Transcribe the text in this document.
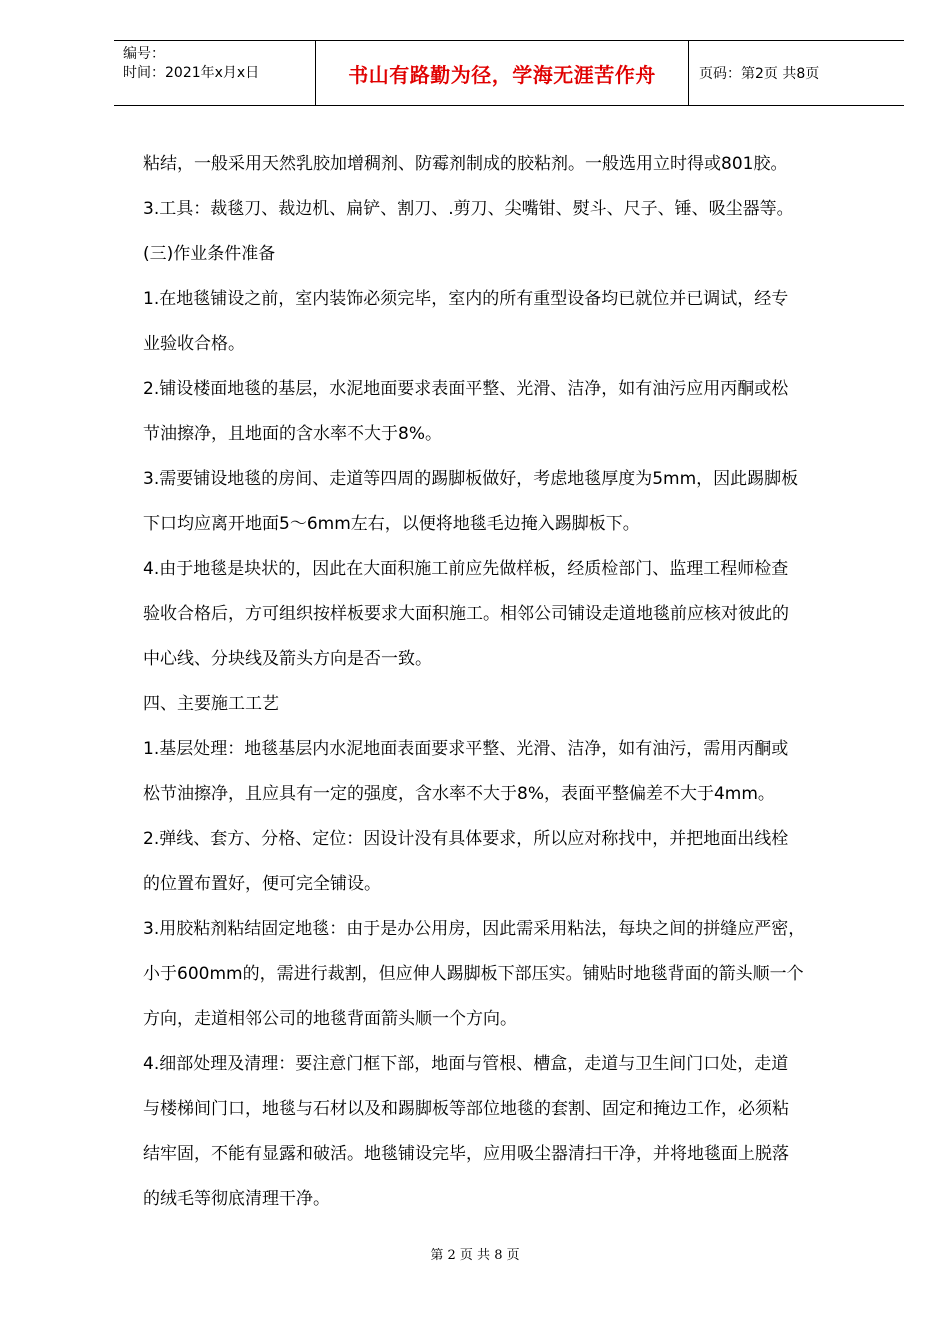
编号：
时间：2021年x月x日	书山有路勤为径，学海无涯苦作舟	页码：第2页 共8页
粘结，一般采用天然乳胶加增稠剂、防霉剂制成的胶粘剂。一般选用立时得或801胶。
3.工具：裁毯刀、裁边机、扁铲、割刀、.剪刀、尖嘴钳、熨斗、尺子、锤、吸尘器等。
(三)作业条件准备
1.在地毯铺设之前，室内装饰必须完毕，室内的所有重型设备均已就位并已调试，经专
业验收合格。
2.铺设楼面地毯的基层，水泥地面要求表面平整、光滑、洁净，如有油污应用丙酮或松
节油擦净，且地面的含水率不大于8%。
3.需要铺设地毯的房间、走道等四周的踢脚板做好，考虑地毯厚度为5mm，因此踢脚板
下口均应离开地面5～6mm左右，以便将地毯毛边掩入踢脚板下。
4.由于地毯是块状的，因此在大面积施工前应先做样板，经质检部门、监理工程师检查
验收合格后，方可组织按样板要求大面积施工。相邻公司铺设走道地毯前应核对彼此的
中心线、分块线及箭头方向是否一致。
四、主要施工工艺
1.基层处理：地毯基层内水泥地面表面要求平整、光滑、洁净，如有油污，需用丙酮或
松节油擦净，且应具有一定的强度，含水率不大于8%，表面平整偏差不大于4mm。
2.弹线、套方、分格、定位：因设计没有具体要求，所以应对称找中，并把地面出线栓
的位置布置好，便可完全铺设。
3.用胶粘剂粘结固定地毯：由于是办公用房，因此需采用粘法，每块之间的拼缝应严密，
小于600mm的，需进行裁割，但应伸人踢脚板下部压实。铺贴时地毯背面的箭头顺一个
方向，走道相邻公司的地毯背面箭头顺一个方向。
4.细部处理及清理：要注意门框下部，地面与管根、槽盒，走道与卫生间门口处，走道
与楼梯间门口，地毯与石材以及和踢脚板等部位地毯的套割、固定和掩边工作，必须粘
结牢固，不能有显露和破活。地毯铺设完毕，应用吸尘器清扫干净，并将地毯面上脱落
的绒毛等彻底清理干净。
第 2 页 共 8 页
